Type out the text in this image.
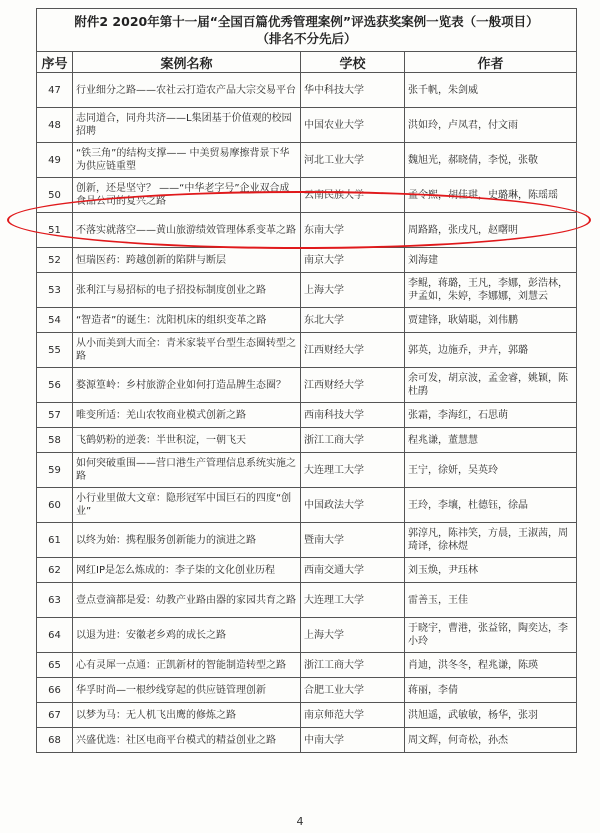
附件2 2020年第十一届“全国百篇优秀管理案例”评选获奖案例一览表（一般项目）
（排名不分先后）			

序号	案例名称	学校	作者
47	行业细分之路——农社云打造农产品大宗交易平台	华中科技大学	张千帆，朱剑威
48	志同道合，同舟共济——L集团基于价值观的校园招聘	中国农业大学	洪如玲，卢凤君，付文雨
49	“铁三角”的结构支撑—— 中美贸易摩擦背景下华为供应链重塑	河北工业大学	魏旭光，郝晓倩，李悦，张敬
50	创新，还是坚守？ ——“中华老字号”企业双合成食品公司的复兴之路	云南民族大学	孟令熙，胡佳琪，史璐琳，陈瑶瑶
51	不落实就落空——黄山旅游绩效管理体系变革之路	东南大学	周路路，张戌凡，赵曙明
52	恒瑞医药：跨越创新的陷阱与断层	南京大学	刘海建
53	张利江与易招标的电子招投标制度创业之路	上海大学	李鲲，蒋璐，王凡，李娜，彭浩林，尹孟如，朱婷，李娜娜，刘慧云
54	“智造者”的诞生：沈阳机床的组织变革之路	东北大学	贾建锋，耿婧聪，刘伟鹏
55	从小而美到大而全：青米家装平台型生态圈转型之路	江西财经大学	郭英，边施乔，尹卉，郭璐
56	婺源篁岭：乡村旅游企业如何打造品牌生态圈？	江西财经大学	余可发，胡京波，孟金睿，姚颖，陈杜鹃
57	唯变所适：羌山农牧商业模式创新之路	西南科技大学	张霜，李海红，石思萌
58	飞鹤奶粉的逆袭：半世积淀，一朝飞天	浙江工商大学	程兆谦，董慧慧
59	如何突破重围——营口港生产管理信息系统实施之路	大连理工大学	王宁，徐妍，吴英玲
60	小行业里做大文章：隐形冠军中国巨石的四度“创业”	中国政法大学	王玲，李壤，杜德钰，徐晶
61	以终为始：携程服务创新能力的演进之路	暨南大学	郭淳凡，陈祎笑，方晨，王淑茜，周琦译，徐林煜
62	网红IP是怎么炼成的：李子柒的文化创业历程	西南交通大学	刘玉焕，尹珏林
63	壹点壹滴都是爱：幼教产业路由器的家园共育之路	大连理工大学	雷善玉，王佳
64	以退为进：安徽老乡鸡的成长之路	上海大学	于晓宇，曹港，张益铭，陶奕达，李小玲
65	心有灵犀一点通：正凯新材的智能制造转型之路	浙江工商大学	肖迪，洪冬冬，程兆谦，陈瑛
66	华孚时尚—一根纱线穿起的供应链管理创新	合肥工业大学	蒋丽，李倩
67	以梦为马：无人机飞出鹰的修炼之路	南京师范大学	洪旭遥，武敏敏，杨华，张羽
68	兴盛优选：社区电商平台模式的精益创业之路	中南大学	周文辉，何奇松，孙杰
4
